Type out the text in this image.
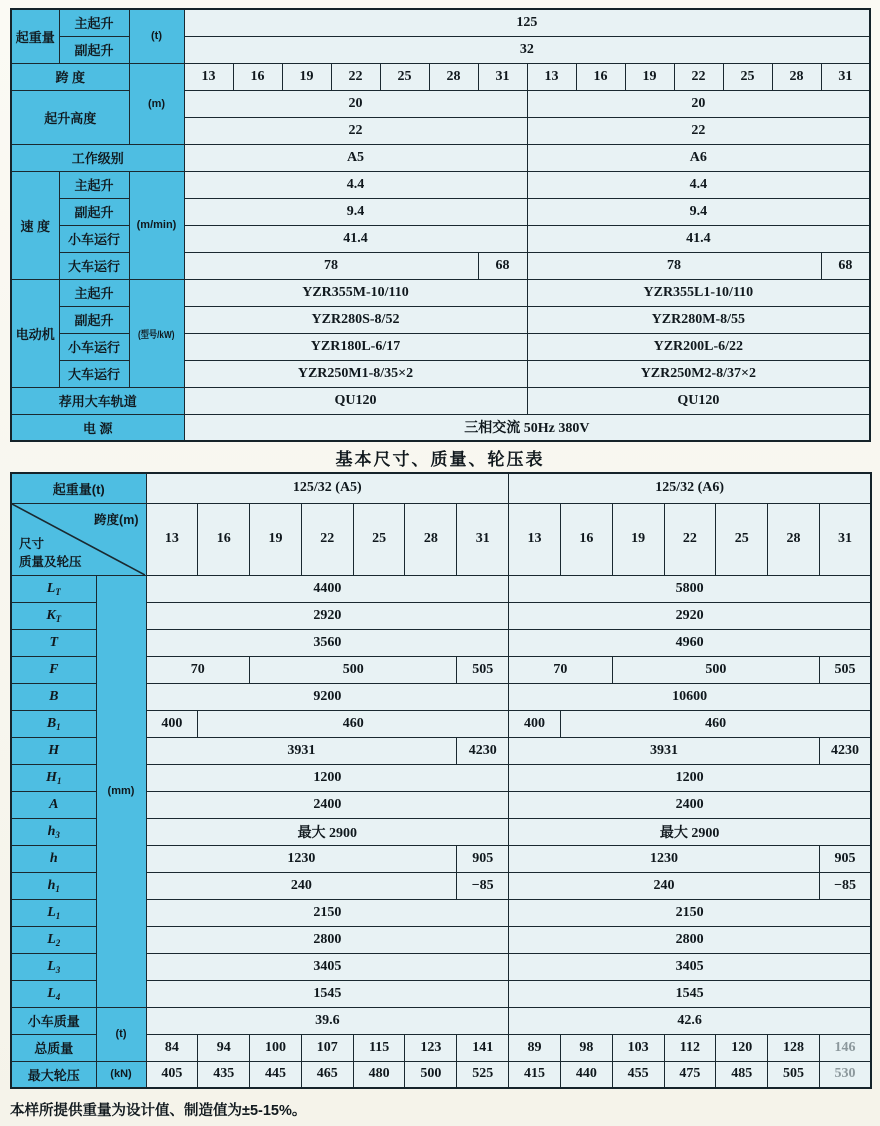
起重量	主起升	(t)	125													
	副起升		32													
跨 度		(m)	13	16	19	22	25	28	31	13	16	19	22	25	28	31
起升高度			20							20						
			22							22						
工作级别			A5							A6						
速 度	主起升	(m/min)	4.4							4.4						
	副起升		9.4							9.4						
	小车运行		41.4							41.4						
	大车运行		78						68	78						68
电动机	主起升	(型号/kW)	YZR355M-10/110							YZR355L1-10/110						
	副起升		YZR280S-8/52							YZR280M-8/55						
	小车运行		YZR180L-6/17							YZR200L-6/22						
	大车运行		YZR250M1-8/35×2							YZR250M2-8/37×2						
荐用大车轨道			QU120							QU120						
电 源			三相交流 50Hz 380V													
基本尺寸、质量、轮压表
起重量(t)		125/32 (A5)							125/32 (A6)						

跨度(m)
尺寸
质量及轮压		13	16	19	22	25	28	31	13	16	19	22	25	28	31
$L_T$	(mm)	4400							5800						
$K_T$		2920							2920						
T		3560							4960						
F		70		500				505	70		500				505
B		9200							10600						
$B_1$		400	460						400	460					
H		3931						4230	3931						4230
$H_1$		1200							1200						
A		2400							2400						
$h_3$		最大 2900							最大 2900						
h		1230						905	1230						905
$h_1$		240						−85	240						−85
$L_1$		2150							2150						
$L_2$		2800							2800						
$L_3$		3405							3405						
$L_4$		1545							1545						
小车质量	(t)	39.6							42.6						
总质量		84	94	100	107	115	123	141	89	98	103	112	120	128	146
最大轮压	(kN)	405	435	445	465	480	500	525	415	440	455	475	485	505	530
本样所提供重量为设计值、制造值为±5-15%。
